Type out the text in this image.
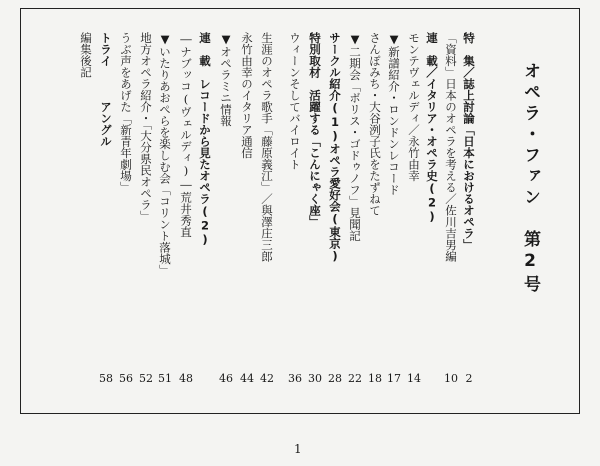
オペラ・ファン　第2号
特　集／誌上討論「日本におけるオペラ」
2
「資料」日本のオペラを考える／佐川吉男編
10
連　載／イタリア・オペラ史(2)
モンテヴェルディ／永竹由幸
14
▼新譜紹介・ロンドンレコード
17
さんぽみち・大谷洌子氏をたずねて
18
▼二期会「ボリス・ゴドゥノフ」見聞記
22
サークル紹介(1)オペラ愛好会(東京)
28
特別取材　活躍する「こんにゃく座」
30
ウィーンそしてバイロイト
36
生涯のオペラ歌手「藤原義江」／與澤庄三郎
42
永竹由幸のイタリア通信
44
▼オペラミニ情報
46
連　載　レコードから見たオペラ(2)
―ナブッコ(ヴェルディ)―荒井秀直
48
▼いたりあおぺらを楽しむ会「コリント落城」
51
地方オペラ紹介・「大分県民オペラ」
52
うぶ声をあげた「新青年劇場」
56
トライ　　　アングル
58
編集後記
1
